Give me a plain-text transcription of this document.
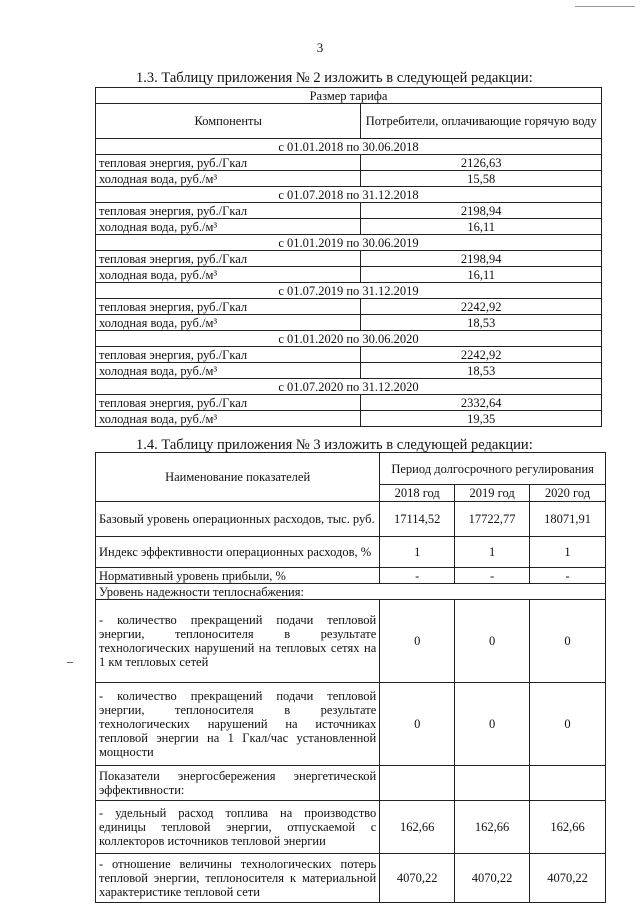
3
1.3. Таблицу приложения № 2 изложить в следующей редакции:
Размер тарифа	
Компоненты	Потребители, оплачивающие горячую воду
с 01.01.2018 по 30.06.2018	
тепловая энергия, руб./Гкал	2126,63
холодная вода, руб./м³	15,58
с 01.07.2018 по 31.12.2018	
тепловая энергия, руб./Гкал	2198,94
холодная вода, руб./м³	16,11
с 01.01.2019 по 30.06.2019	
тепловая энергия, руб./Гкал	2198,94
холодная вода, руб./м³	16,11
с 01.07.2019 по 31.12.2019	
тепловая энергия, руб./Гкал	2242,92
холодная вода, руб./м³	18,53
с 01.01.2020 по 30.06.2020	
тепловая энергия, руб./Гкал	2242,92
холодная вода, руб./м³	18,53
с 01.07.2020 по 31.12.2020	
тепловая энергия, руб./Гкал	2332,64
холодная вода, руб./м³	19,35
1.4. Таблицу приложения № 3 изложить в следующей редакции:
Наименование показателей	Период долгосрочного регулирования		
	2018 год	2019 год	2020 год
Базовый уровень операционных расходов, тыс. руб.	17114,52	17722,77	18071,91
Индекс эффективности операционных расходов, %	1	1	1
Нормативный уровень прибыли, %	-	-	-
Уровень надежности теплоснабжения:			
- количество прекращений подачи тепловой энергии, теплоносителя в результате технологических нарушений на тепловых сетях на 1 км тепловых сетей	0	0	0
- количество прекращений подачи тепловой энергии, теплоносителя в результате технологических нарушений на источниках тепловой энергии на 1 Гкал/час установленной мощности	0	0	0
Показатели энергосбережения энергетической эффективности:			
- удельный расход топлива на производство единицы тепловой энергии, отпускаемой с коллекторов источников тепловой энергии	162,66	162,66	162,66
- отношение величины технологических потерь тепловой энергии, теплоносителя к материальной характеристике тепловой сети	4070,22	4070,22	4070,22
